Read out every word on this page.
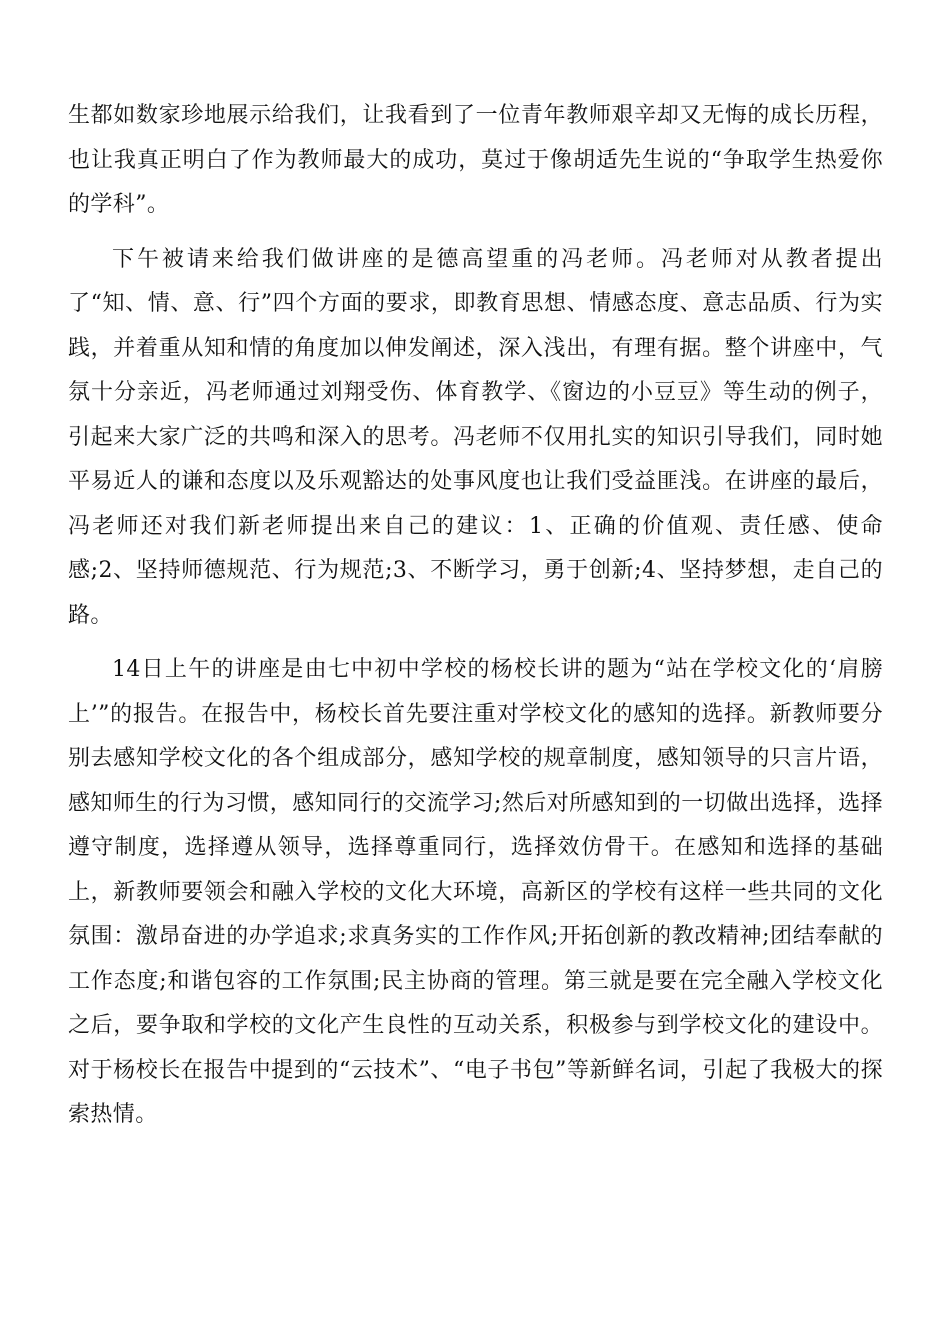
生都如数家珍地展示给我们，让我看到了一位青年教师艰辛却又无悔的成长历程，也让我真正明白了作为教师最大的成功，莫过于像胡适先生说的“争取学生热爱你的学科”。

下午被请来给我们做讲座的是德高望重的冯老师。冯老师对从教者提出了“知、情、意、行”四个方面的要求，即教育思想、情感态度、意志品质、行为实践，并着重从知和情的角度加以伸发阐述，深入浅出，有理有据。整个讲座中，气氛十分亲近，冯老师通过刘翔受伤、体育教学、《窗边的小豆豆》等生动的例子，引起来大家广泛的共鸣和深入的思考。冯老师不仅用扎实的知识引导我们，同时她平易近人的谦和态度以及乐观豁达的处事风度也让我们受益匪浅。在讲座的最后，冯老师还对我们新老师提出来自己的建议：1、正确的价值观、责任感、使命感;2、坚持师德规范、行为规范;3、不断学习，勇于创新;4、坚持梦想，走自己的路。

14日上午的讲座是由七中初中学校的杨校长讲的题为“站在学校文化的‘肩膀上’”的报告。在报告中，杨校长首先要注重对学校文化的感知的选择。新教师要分别去感知学校文化的各个组成部分，感知学校的规章制度，感知领导的只言片语，感知师生的行为习惯，感知同行的交流学习;然后对所感知到的一切做出选择，选择遵守制度，选择遵从领导，选择尊重同行，选择效仿骨干。在感知和选择的基础上，新教师要领会和融入学校的文化大环境，高新区的学校有这样一些共同的文化氛围：激昂奋进的办学追求;求真务实的工作作风;开拓创新的教改精神;团结奉献的工作态度;和谐包容的工作氛围;民主协商的管理。第三就是要在完全融入学校文化之后，要争取和学校的文化产生良性的互动关系，积极参与到学校文化的建设中。对于杨校长在报告中提到的“云技术”、“电子书包”等新鲜名词，引起了我极大的探索热情。
